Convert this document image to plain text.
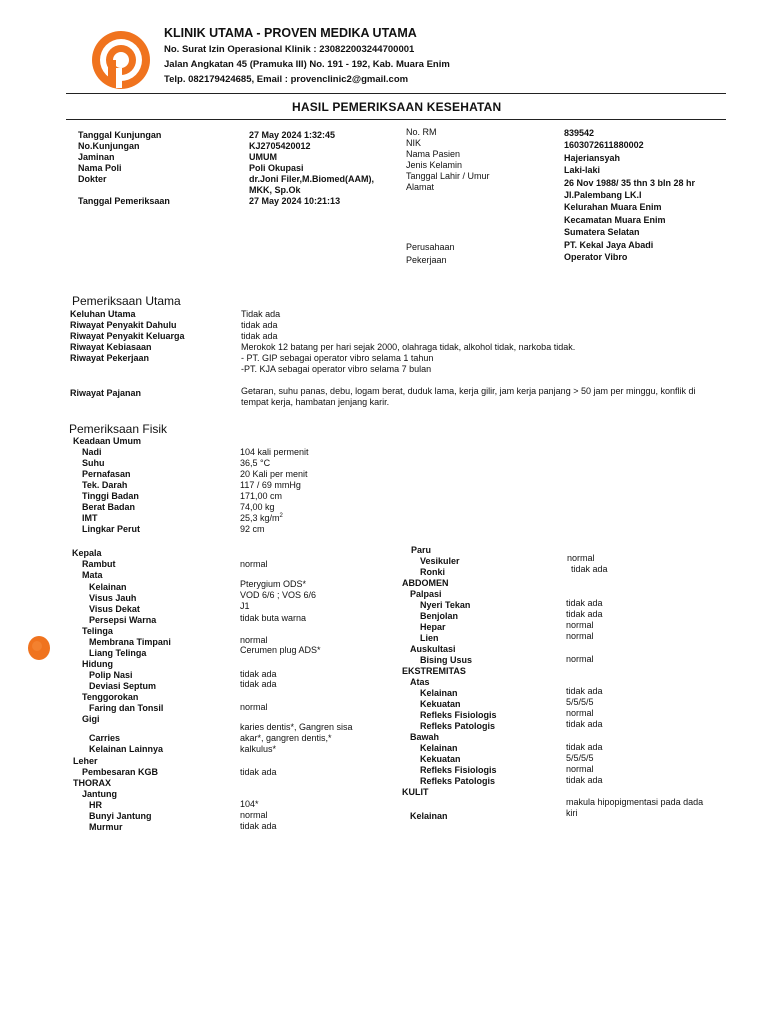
KLINIK UTAMA - PROVEN MEDIKA UTAMA
No. Surat Izin Operasional Klinik : 230822003244700001
Jalan Angkatan 45 (Pramuka III) No. 191 - 192, Kab. Muara Enim
Telp. 082179424685, Email : provenclinic2@gmail.com
HASIL PEMERIKSAAN KESEHATAN
Tanggal Kunjungan
No.Kunjungan
Jaminan
Nama Poli
Dokter
Tanggal Pemeriksaan
27 May 2024 1:32:45
KJ2705420012
UMUM
Poli Okupasi
dr.Joni Filer,M.Biomed(AAM),
MKK, Sp.Ok
27 May 2024 10:21:13
No. RM
NIK
Nama Pasien
Jenis Kelamin
Tanggal Lahir / Umur
Alamat
Perusahaan
Pekerjaan
839542
1603072611880002
Hajeriansyah
Laki-laki
26 Nov 1988/ 35 thn 3 bln 28 hr
Jl.Palembang LK.I
Kelurahan Muara Enim
Kecamatan Muara Enim
Sumatera Selatan
PT. Kekal Jaya Abadi
Operator Vibro
Pemeriksaan Utama
Keluhan Utama
Riwayat Penyakit Dahulu
Riwayat Penyakit Keluarga
Riwayat Kebiasaan
Riwayat Pekerjaan
Riwayat Pajanan
Tidak ada
tidak ada
tidak ada
Merokok 12 batang per hari sejak 2000, olahraga tidak, alkohol tidak, narkoba tidak.
- PT. GIP sebagai operator vibro selama 1 tahun
-PT. KJA sebagai operator vibro selama 7 bulan
Getaran, suhu panas, debu, logam berat, duduk lama, kerja gilir, jam kerja panjang > 50 jam per minggu, konflik di tempat kerja, hambatan jenjang karir.
Pemeriksaan Fisik
Keadaan Umum
Nadi
Suhu
Pernafasan
Tek. Darah
Tinggi Badan
Berat Badan
IMT
Lingkar Perut
104 kali permenit
36,5 °C
20 Kali per menit
117 / 69 mmHg
171,00 cm
74,00 kg
25,3 $kg/m^2$
92 cm
Kepala
Rambut
Mata
Kelainan
Visus Jauh
Visus Dekat
Persepsi Warna
Telinga
Membrana Timpani
Liang Telinga
Hidung
Polip Nasi
Deviasi Septum
Tenggorokan
Faring dan Tonsil
Gigi
Carries
Kelainan Lainnya
Leher
Pembesaran KGB
THORAX
Jantung
HR
Bunyi Jantung
Murmur
normal
Pterygium ODS*
VOD 6/6 ; VOS 6/6
J1
tidak buta warna
normal
Cerumen plug ADS*
tidak ada
tidak ada
normal
karies dentis*, Gangren sisa
akar*, gangren dentis,*
kalkulus*
tidak ada
104*
normal
tidak ada
Paru
Vesikuler
Ronki
ABDOMEN
Palpasi
Nyeri Tekan
Benjolan
Hepar
Lien
Auskultasi
Bising Usus
EKSTREMITAS
Atas
Kelainan
Kekuatan
Refleks Fisiologis
Refleks Patologis
Bawah
Kelainan
Kekuatan
Refleks Fisiologis
Refleks Patologis
KULIT
Kelainan
normal
tidak ada
tidak ada
tidak ada
normal
normal
normal
tidak ada
5/5/5/5
normal
tidak ada
tidak ada
5/5/5/5
normal
tidak ada
makula hipopigmentasi pada dada
kiri
